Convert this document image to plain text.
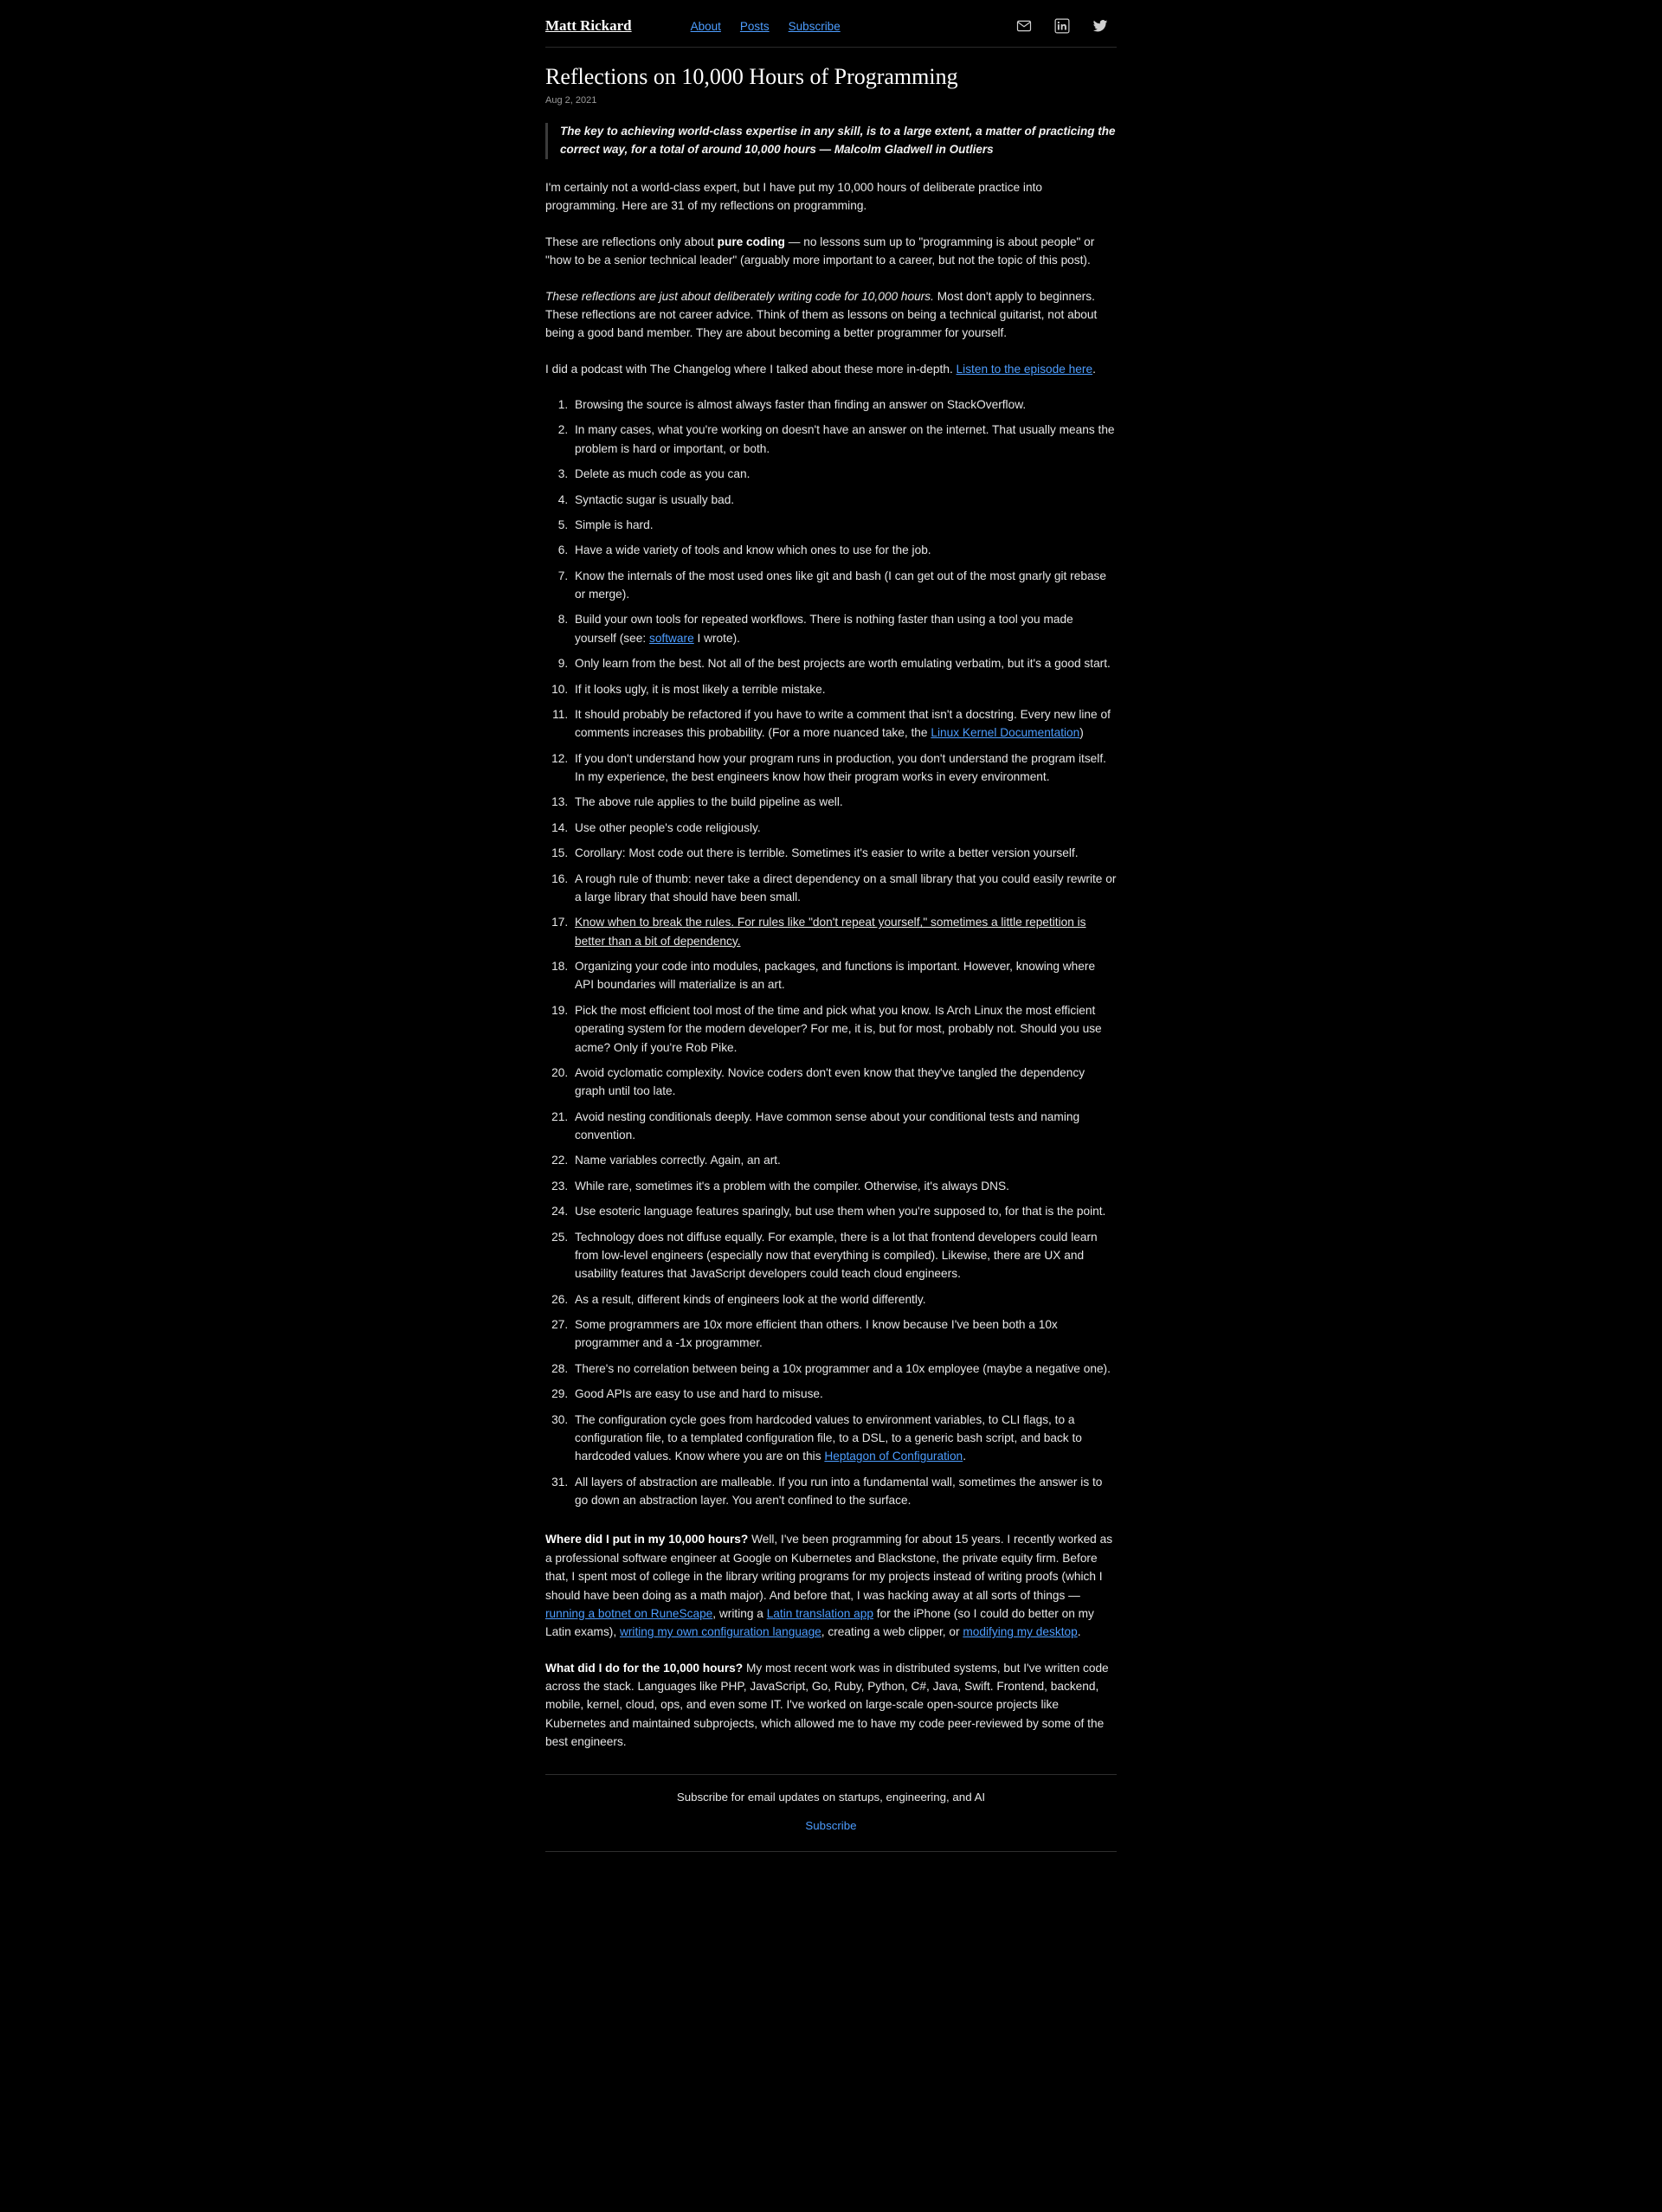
Matt Rickard	About Posts Subscribe
Reflections on 10,000 Hours of Programming
Aug 2, 2021
The key to achieving world-class expertise in any skill, is to a large extent, a matter of practicing the correct way, for a total of around 10,000 hours — Malcolm Gladwell in Outliers

I'm certainly not a world-class expert, but I have put my 10,000 hours of deliberate practice into programming. Here are 31 of my reflections on programming.

These are reflections only about pure coding — no lessons sum up to "programming is about people" or "how to be a senior technical leader" (arguably more important to a career, but not the topic of this post).

These reflections are just about deliberately writing code for 10,000 hours. Most don't apply to beginners. These reflections are not career advice. Think of them as lessons on being a technical guitarist, not about being a good band member. They are about becoming a better programmer for yourself.

I did a podcast with The Changelog where I talked about these more in-depth. Listen to the episode here.

1. Browsing the source is almost always faster than finding an answer on StackOverflow.
2. In many cases, what you're working on doesn't have an answer on the internet. That usually means the problem is hard or important, or both.
3. Delete as much code as you can.
4. Syntactic sugar is usually bad.
5. Simple is hard.
6. Have a wide variety of tools and know which ones to use for the job.
7. Know the internals of the most used ones like git and bash (I can get out of the most gnarly git rebase or merge).
8. Build your own tools for repeated workflows. There is nothing faster than using a tool you made yourself (see: software I wrote).
9. Only learn from the best. Not all of the best projects are worth emulating verbatim, but it's a good start.
10. If it looks ugly, it is most likely a terrible mistake.
11. It should probably be refactored if you have to write a comment that isn't a docstring. Every new line of comments increases this probability. (For a more nuanced take, the Linux Kernel Documentation)
12. If you don't understand how your program runs in production, you don't understand the program itself. In my experience, the best engineers know how their program works in every environment.
13. The above rule applies to the build pipeline as well.
14. Use other people's code religiously.
15. Corollary: Most code out there is terrible. Sometimes it's easier to write a better version yourself.
16. A rough rule of thumb: never take a direct dependency on a small library that you could easily rewrite or a large library that should have been small.
17. Know when to break the rules. For rules like "don't repeat yourself," sometimes a little repetition is better than a bit of dependency.
18. Organizing your code into modules, packages, and functions is important. However, knowing where API boundaries will materialize is an art.
19. Pick the most efficient tool most of the time and pick what you know. Is Arch Linux the most efficient operating system for the modern developer? For me, it is, but for most, probably not. Should you use acme? Only if you're Rob Pike.
20. Avoid cyclomatic complexity. Novice coders don't even know that they've tangled the dependency graph until too late.
21. Avoid nesting conditionals deeply. Have common sense about your conditional tests and naming convention.
22. Name variables correctly. Again, an art.
23. While rare, sometimes it's a problem with the compiler. Otherwise, it's always DNS.
24. Use esoteric language features sparingly, but use them when you're supposed to, for that is the point.
25. Technology does not diffuse equally. For example, there is a lot that frontend developers could learn from low-level engineers (especially now that everything is compiled). Likewise, there are UX and usability features that JavaScript developers could teach cloud engineers.
26. As a result, different kinds of engineers look at the world differently.
27. Some programmers are 10x more efficient than others. I know because I've been both a 10x programmer and a -1x programmer.
28. There's no correlation between being a 10x programmer and a 10x employee (maybe a negative one).
29. Good APIs are easy to use and hard to misuse.
30. The configuration cycle goes from hardcoded values to environment variables, to CLI flags, to a configuration file, to a templated configuration file, to a DSL, to a generic bash script, and back to hardcoded values. Know where you are on this Heptagon of Configuration.
31. All layers of abstraction are malleable. If you run into a fundamental wall, sometimes the answer is to go down an abstraction layer. You aren't confined to the surface.

Where did I put in my 10,000 hours? Well, I've been programming for about 15 years. I recently worked as a professional software engineer at Google on Kubernetes and Blackstone, the private equity firm. Before that, I spent most of college in the library writing programs for my projects instead of writing proofs (which I should have been doing as a math major). And before that, I was hacking away at all sorts of things — running a botnet on RuneScape, writing a Latin translation app for the iPhone (so I could do better on my Latin exams), writing my own configuration language, creating a web clipper, or modifying my desktop.

What did I do for the 10,000 hours? My most recent work was in distributed systems, but I've written code across the stack. Languages like PHP, JavaScript, Go, Ruby, Python, C#, Java, Swift. Frontend, backend, mobile, kernel, cloud, ops, and even some IT. I've worked on large-scale open-source projects like Kubernetes and maintained subprojects, which allowed me to have my code peer-reviewed by some of the best engineers.

Subscribe for email updates on startups, engineering, and AI
Subscribe
